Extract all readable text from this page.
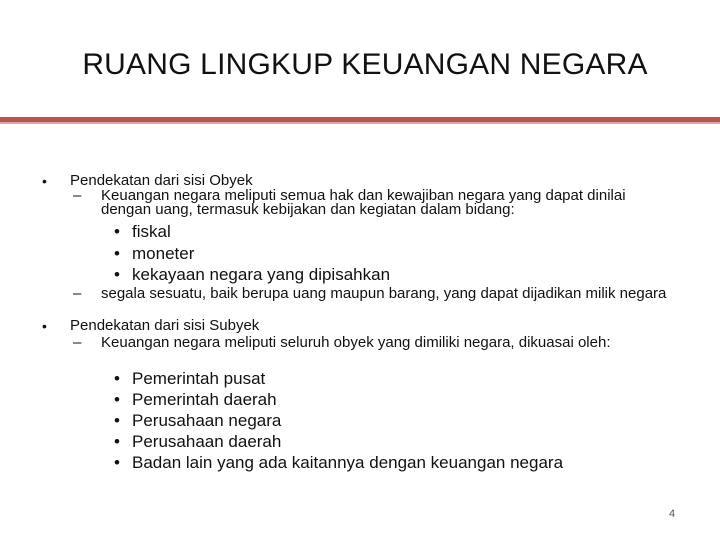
RUANG LINGKUP KEUANGAN NEGARA
• Pendekatan dari sisi Obyek
–	Keuangan negara meliputi semua hak dan kewajiban negara yang dapat dinilai dengan uang, termasuk kebijakan dan kegiatan dalam bidang:
• fiskal
• moneter
• kekayaan negara yang dipisahkan
–	segala sesuatu, baik berupa uang maupun barang, yang dapat dijadikan milik negara
• Pendekatan dari sisi Subyek
–	Keuangan negara meliputi seluruh obyek yang dimiliki negara, dikuasai oleh:
• Pemerintah pusat
• Pemerintah daerah
• Perusahaan negara
• Perusahaan daerah
• Badan lain yang ada kaitannya dengan keuangan negara
4
